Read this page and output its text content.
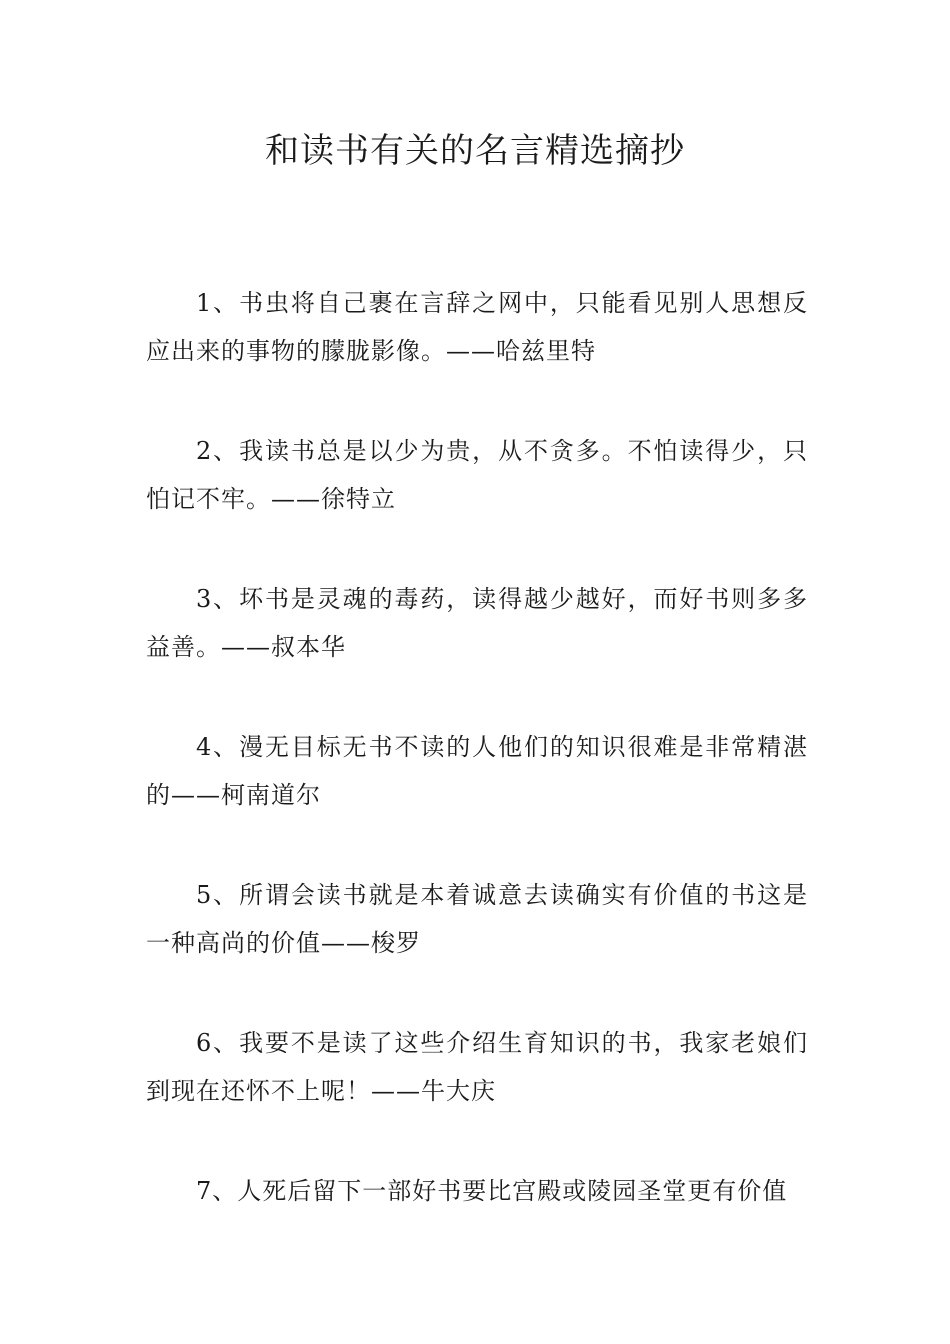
和读书有关的名言精选摘抄

1、书虫将自己裹在言辞之网中，只能看见别人思想反应出来的事物的朦胧影像。——哈兹里特

2、我读书总是以少为贵，从不贪多。不怕读得少，只怕记不牢。——徐特立

3、坏书是灵魂的毒药，读得越少越好，而好书则多多益善。——叔本华

4、漫无目标无书不读的人他们的知识很难是非常精湛的——柯南道尔

5、所谓会读书就是本着诚意去读确实有价值的书这是一种高尚的价值——梭罗

6、我要不是读了这些介绍生育知识的书，我家老娘们到现在还怀不上呢！——牛大庆

7、人死后留下一部好书要比宫殿或陵园圣堂更有价值
